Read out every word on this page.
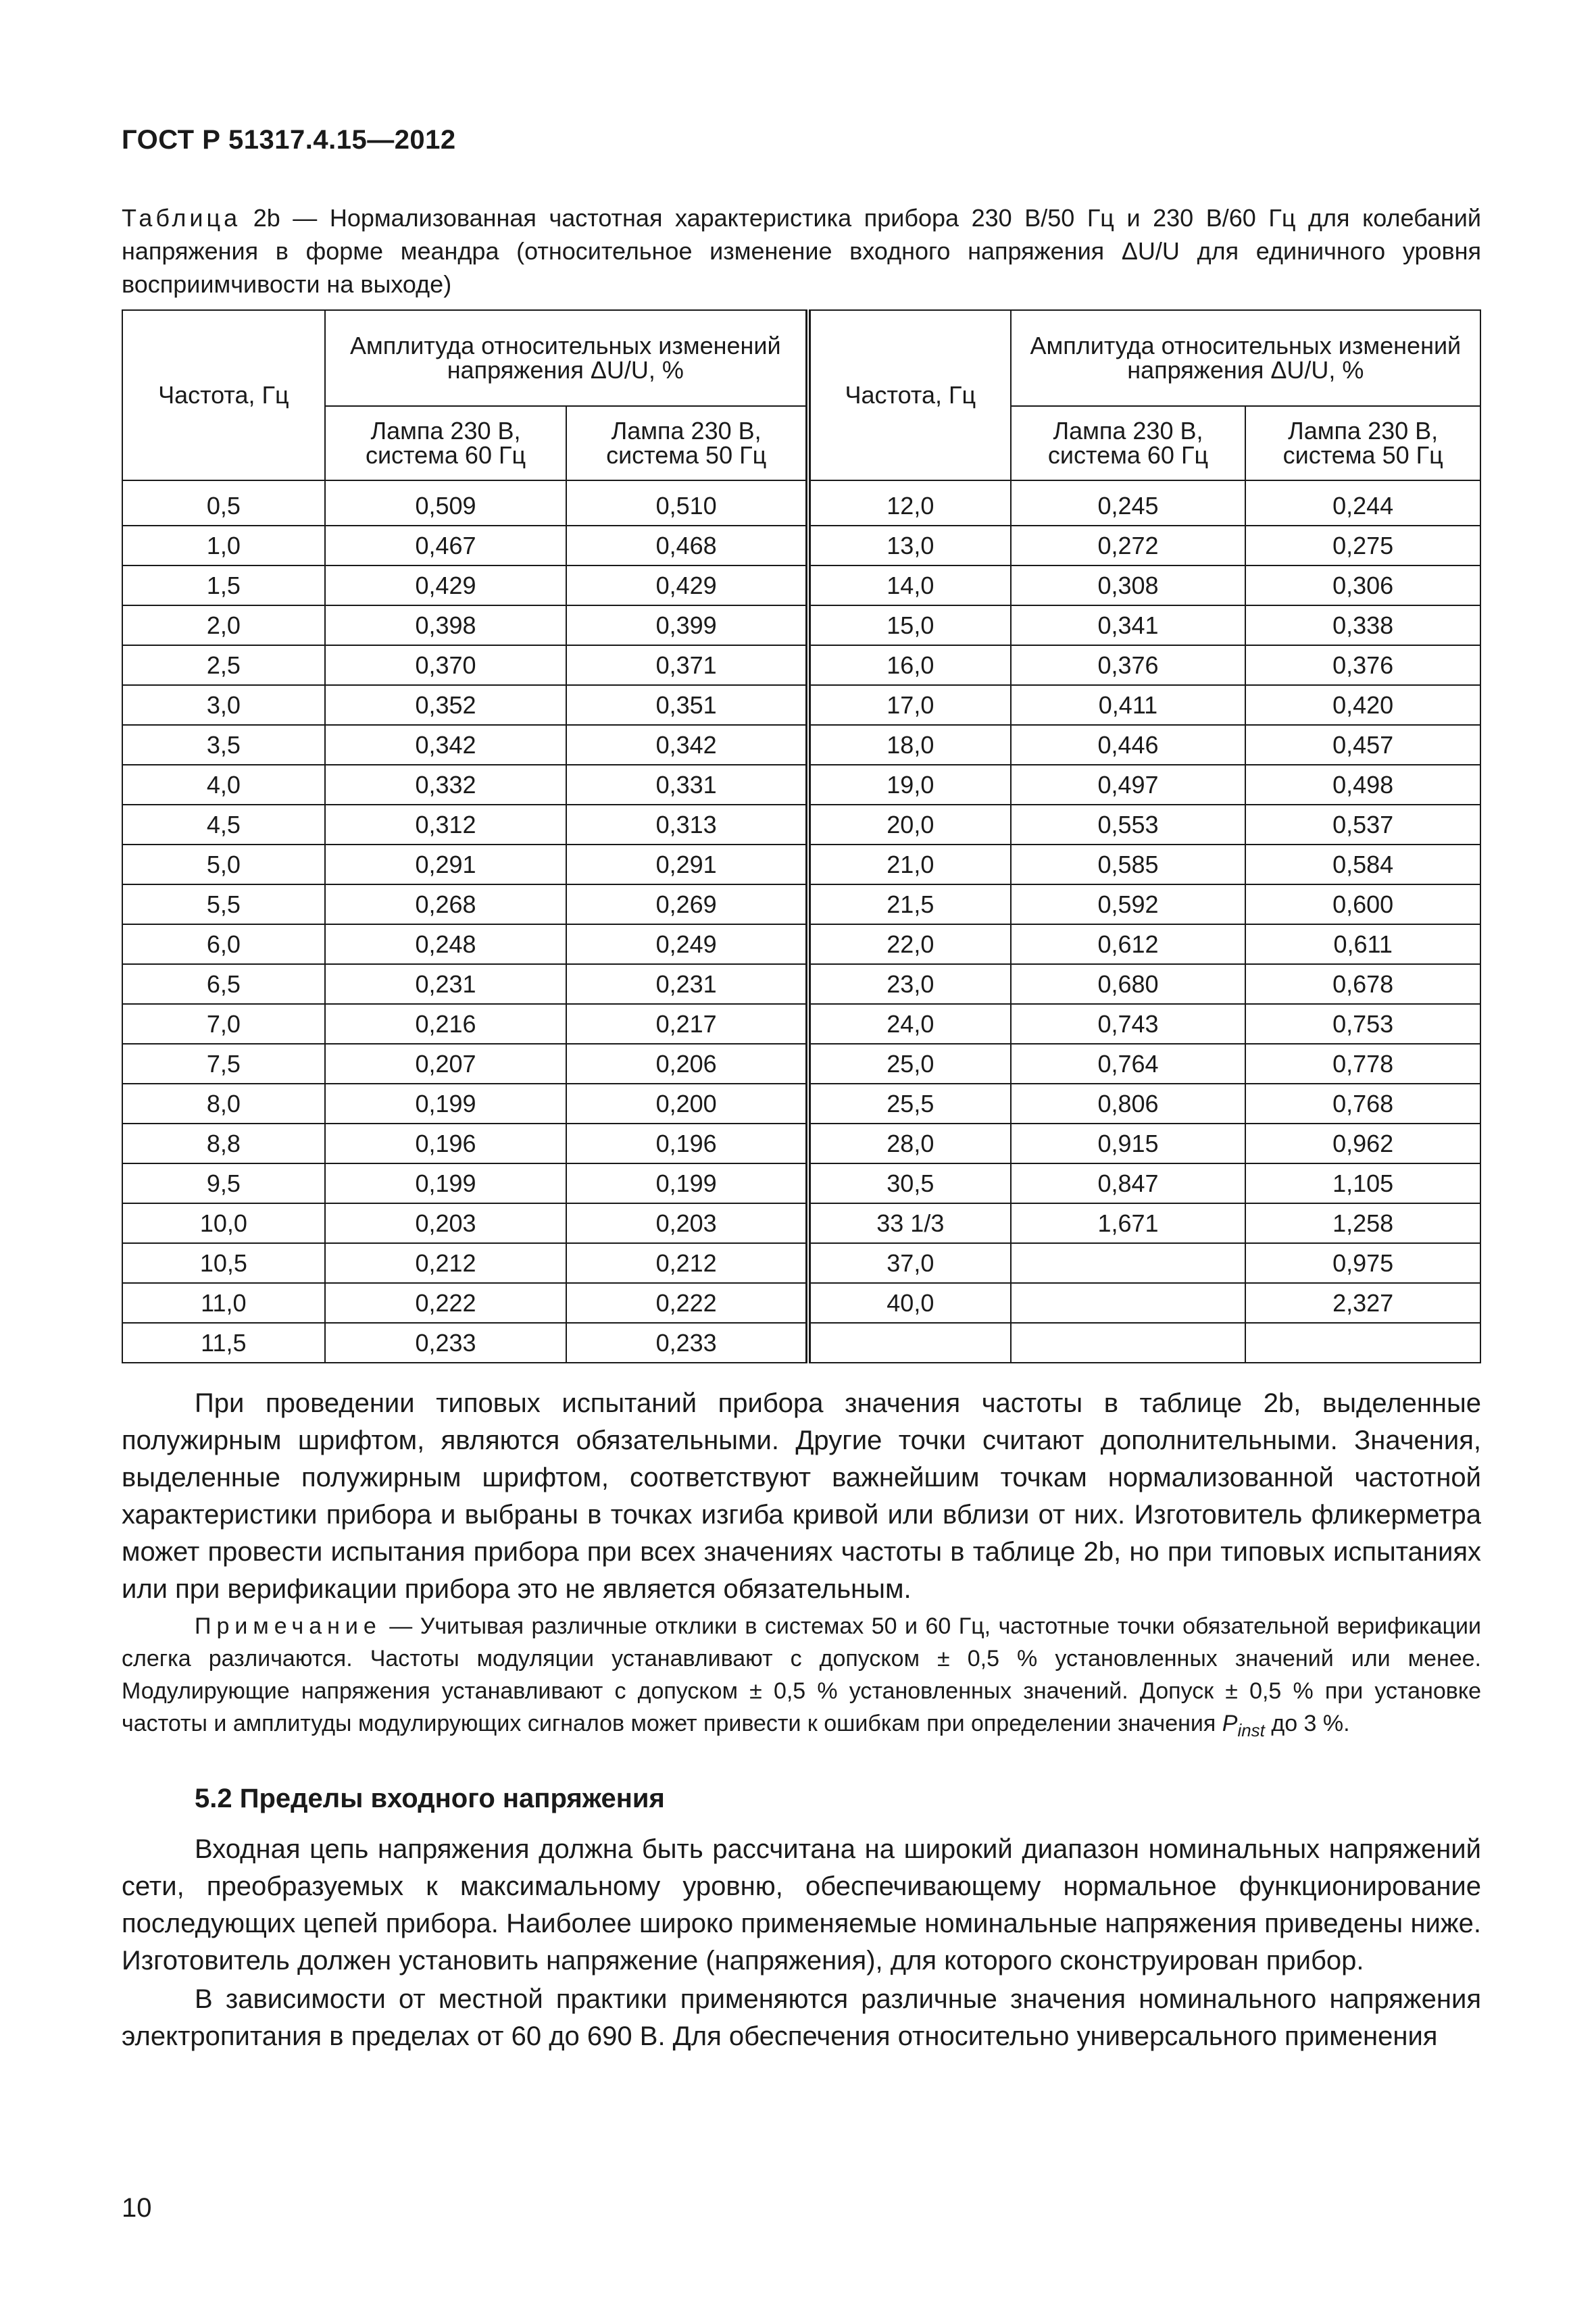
ГОСТ Р 51317.4.15—2012
Таблица 2b — Нормализованная частотная характеристика прибора 230 В/50 Гц и 230 В/60 Гц для колебаний напряжения в форме меандра (относительное изменение входного напряжения ΔU/U для единичного уровня восприимчивости на выходе)
Частота, Гц	Амплитуда относительных изменений напряжения ΔU/U, %		Частота, Гц	Амплитуда относительных изменений напряжения ΔU/U, %	
	Лампа 230 В, система 60 Гц	Лампа 230 В, система 50 Гц		Лампа 230 В, система 60 Гц	Лампа 230 В, система 50 Гц

0,5	0,509	0,510	12,0	0,245	0,244
1,0	0,467	0,468	13,0	0,272	0,275
1,5	0,429	0,429	14,0	0,308	0,306
2,0	0,398	0,399	15,0	0,341	0,338
2,5	0,370	0,371	16,0	0,376	0,376
3,0	0,352	0,351	17,0	0,411	0,420
3,5	0,342	0,342	18,0	0,446	0,457
4,0	0,332	0,331	19,0	0,497	0,498
4,5	0,312	0,313	20,0	0,553	0,537
5,0	0,291	0,291	21,0	0,585	0,584
5,5	0,268	0,269	21,5	0,592	0,600
6,0	0,248	0,249	22,0	0,612	0,611
6,5	0,231	0,231	23,0	0,680	0,678
7,0	0,216	0,217	24,0	0,743	0,753
7,5	0,207	0,206	25,0	0,764	0,778
8,0	0,199	0,200	25,5	0,806	0,768
8,8	0,196	0,196	28,0	0,915	0,962
9,5	0,199	0,199	30,5	0,847	1,105
10,0	0,203	0,203	33 1/3	1,671	1,258
10,5	0,212	0,212	37,0		0,975
11,0	0,222	0,222	40,0		2,327
11,5	0,233	0,233			
При проведении типовых испытаний прибора значения частоты в таблице 2b, выделенные полужирным шрифтом, являются обязательными. Другие точки считают дополнительными. Значения, выделенные полужирным шрифтом, соответствуют важнейшим точкам нормализованной частотной характеристики прибора и выбраны в точках изгиба кривой или вблизи от них. Изготовитель фликерметра может провести испытания прибора при всех значениях частоты в таблице 2b, но при типовых испытаниях или при верификации прибора это не является обязательным.
Примечание — Учитывая различные отклики в системах 50 и 60 Гц, частотные точки обязательной верификации слегка различаются. Частоты модуляции устанавливают с допуском ± 0,5 % установленных значений или менее. Модулирующие напряжения устанавливают с допуском ± 0,5 % установленных значений. Допуск ± 0,5 % при установке частоты и амплитуды модулирующих сигналов может привести к ошибкам при определении значения $P_{inst}$ до 3 %.
5.2 Пределы входного напряжения
Входная цепь напряжения должна быть рассчитана на широкий диапазон номинальных напряжений сети, преобразуемых к максимальному уровню, обеспечивающему нормальное функционирование последующих цепей прибора. Наиболее широко применяемые номинальные напряжения приведены ниже. Изготовитель должен установить напряжение (напряжения), для которого сконструирован прибор.
В зависимости от местной практики применяются различные значения номинального напряжения электропитания в пределах от 60 до 690 В. Для обеспечения относительно универсального применения
10
